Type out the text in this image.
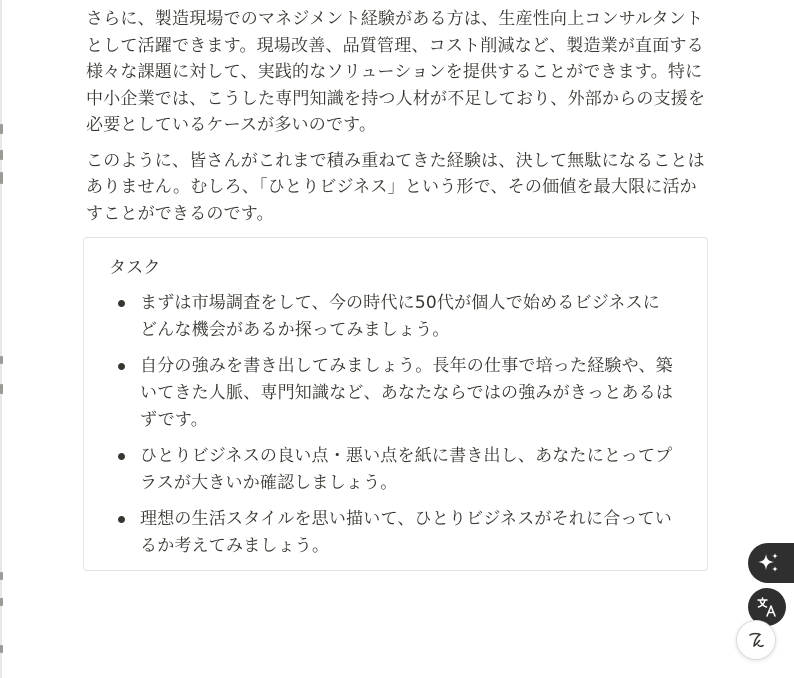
さらに、製造現場でのマネジメント経験がある方は、生産性向上コンサルタントとして活躍できます。現場改善、品質管理、コスト削減など、製造業が直面する様々な課題に対して、実践的なソリューションを提供することができます。特に中小企業では、こうした専門知識を持つ人材が不足しており、外部からの支援を必要としているケースが多いのです。

このように、皆さんがこれまで積み重ねてきた経験は、決して無駄になることはありません。むしろ、「ひとりビジネス」という形で、その価値を最大限に活かすことができるのです。

タスク
まずは市場調査をして、今の時代に50代が個人で始めるビジネスにどんな機会があるか探ってみましょう。
自分の強みを書き出してみましょう。長年の仕事で培った経験や、築いてきた人脈、専門知識など、あなたならではの強みがきっとあるはずです。
ひとりビジネスの良い点・悪い点を紙に書き出し、あなたにとってプラスが大きいか確認しましょう。
理想の生活スタイルを思い描いて、ひとりビジネスがそれに合っているか考えてみましょう。
